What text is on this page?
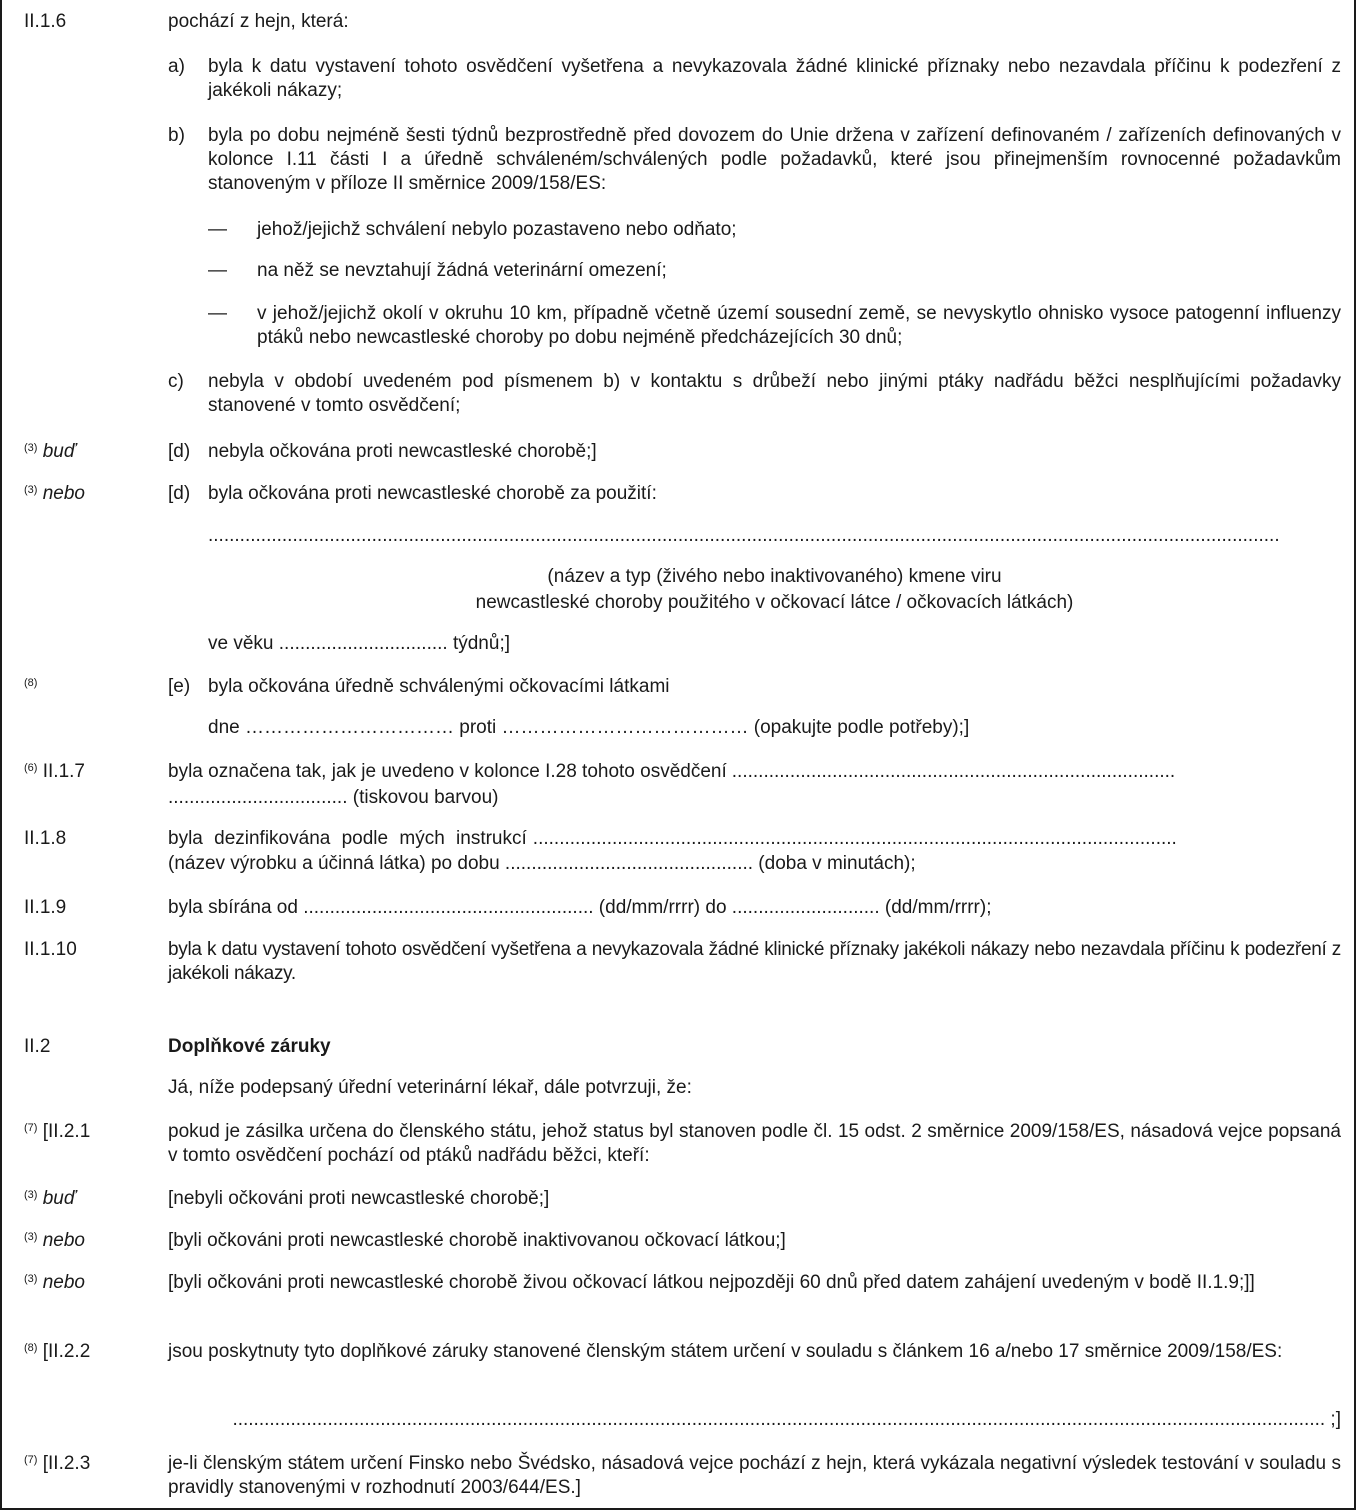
II.1.6	pochází z hejn, která:
a) byla k datu vystavení tohoto osvědčení vyšetřena a nevykazovala žádné klinické příznaky nebo nezavdala příčinu k podezření z jakékoli nákazy;
b) byla po dobu nejméně šesti týdnů bezprostředně před dovozem do Unie držena v zařízení definovaném / zařízeních definovaných v kolonce I.11 části I a úředně schváleném/schválených podle požadavků, které jsou přinejmenším rovnocenné požadavkům stanoveným v příloze II směrnice 2009/158/ES:
— jehož/jejichž schválení nebylo pozastaveno nebo odňato;
— na něž se nevztahují žádná veterinární omezení;
— v jehož/jejichž okolí v okruhu 10 km, případně včetně území sousední země, se nevyskytlo ohnisko vysoce patogenní influenzy ptáků nebo newcastleské choroby po dobu nejméně předcházejících 30 dnů;
c) nebyla v období uvedeném pod písmenem b) v kontaktu s drůbeží nebo jinými ptáky nadřádu běžci nesplňujícími požadavky stanovené v tomto osvědčení;
$^{(3)}$ buď	[d) nebyla očkována proti newcastleské chorobě;]
$^{(3)}$ nebo	[d) byla očkována proti newcastleské chorobě za použití:
...........................................................................................................................................................................................................
(název a typ (živého nebo inaktivovaného) kmene viru
newcastleské choroby použitého v očkovací látce / očkovacích látkách)
ve věku ................................ týdnů;]
$^{(8)}$	[e) byla očkována úředně schválenými očkovacími látkami
dne …………………………… proti ………………………………… (opakujte podle potřeby);]
$^{(6)}$ II.1.7	byla označena tak, jak je uvedeno v kolonce I.28 tohoto osvědčení ....................................................................................
.................................. (tiskovou barvou)
II.1.8	byla dezinfikována podle mých instrukcí ..........................................................................................................................
(název výrobku a účinná látka) po dobu ............................................... (doba v minutách);
II.1.9	byla sbírána od ....................................................... (dd/mm/rrrr) do ............................ (dd/mm/rrrr);
II.1.10	byla k datu vystavení tohoto osvědčení vyšetřena a nevykazovala žádné klinické příznaky jakékoli nákazy nebo nezavdala příčinu k podezření z jakékoli nákazy.
II.2	Doplňkové záruky
Já, níže podepsaný úřední veterinární lékař, dále potvrzuji, že:
$^{(7)}$ [II.2.1	pokud je zásilka určena do členského státu, jehož status byl stanoven podle čl. 15 odst. 2 směrnice 2009/158/ES, násadová vejce popsaná v tomto osvědčení pochází od ptáků nadřádu běžci, kteří:
$^{(3)}$ buď	[nebyli očkováni proti newcastleské chorobě;]
$^{(3)}$ nebo	[byli očkováni proti newcastleské chorobě inaktivovanou očkovací látkou;]
$^{(3)}$ nebo	[byli očkováni proti newcastleské chorobě živou očkovací látkou nejpozději 60 dnů před datem zahájení uvedeným v bodě II.1.9;]]
$^{(8)}$ [II.2.2	jsou poskytnuty tyto doplňkové záruky stanovené členským státem určení v souladu s článkem 16 a/nebo 17 směrnice 2009/158/ES:
............................................................................................................................................................................................................... ;]
$^{(7)}$ [II.2.3	je-li členským státem určení Finsko nebo Švédsko, násadová vejce pochází z hejn, která vykázala negativní výsledek testování v souladu s pravidly stanovenými v rozhodnutí 2003/644/ES.]
